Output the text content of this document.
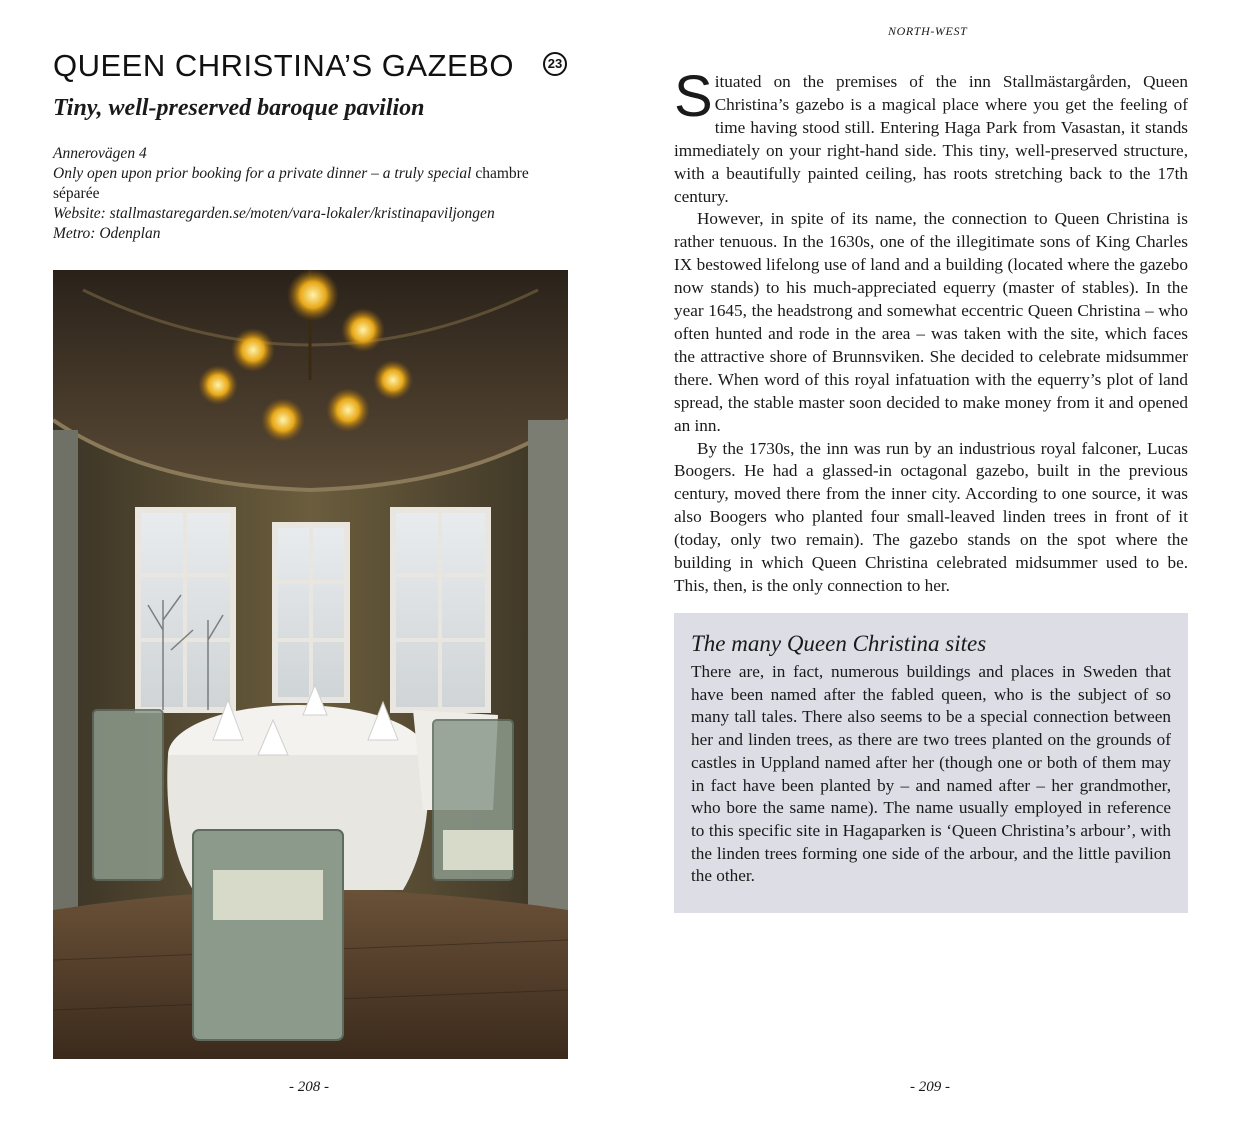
QUEEN CHRISTINA’S GAZEBO	23
Tiny, well-preserved baroque pavilion
Annerovägen 4
Only open upon prior booking for a private dinner – a truly special chambre séparée
Website: stallmastaregarden.se/moten/vara-lokaler/kristinapaviljongen
Metro: Odenplan
- 208 -
NORTH-WEST

Situated on the premises of the inn Stallmästargården, Queen Christina’s gazebo is a magical place where you get the feeling of time having stood still. Entering Haga Park from Vasastan, it stands immediately on your right-hand side. This tiny, well-preserved structure, with a beautifully painted ceiling, has roots stretching back to the 17th century.

However, in spite of its name, the connection to Queen Christina is rather tenuous. In the 1630s, one of the illegitimate sons of King Charles IX bestowed lifelong use of land and a building (located where the gazebo now stands) to his much-appreciated equerry (master of stables). In the year 1645, the headstrong and somewhat eccentric Queen Christina – who often hunted and rode in the area – was taken with the site, which faces the attractive shore of Brunnsviken. She decided to celebrate midsummer there. When word of this royal infatuation with the equerry’s plot of land spread, the stable master soon decided to make money from it and opened an inn.

By the 1730s, the inn was run by an industrious royal falconer, Lucas Boogers. He had a glassed-in octagonal gazebo, built in the previous century, moved there from the inner city. According to one source, it was also Boogers who planted four small-leaved linden trees in front of it (today, only two remain). The gazebo stands on the spot where the building in which Queen Christina celebrated midsummer used to be. This, then, is the only connection to her.

The many Queen Christina sites

There are, in fact, numerous buildings and places in Sweden that have been named after the fabled queen, who is the subject of so many tall tales. There also seems to be a special connection between her and linden trees, as there are two trees planted on the grounds of castles in Uppland named after her (though one or both of them may in fact have been planted by – and named after – her grandmother, who bore the same name). The name usually employed in reference to this specific site in Hagaparken is ‘Queen Christina’s arbour’, with the linden trees forming one side of the arbour, and the little pavilion the other.

- 209 -
